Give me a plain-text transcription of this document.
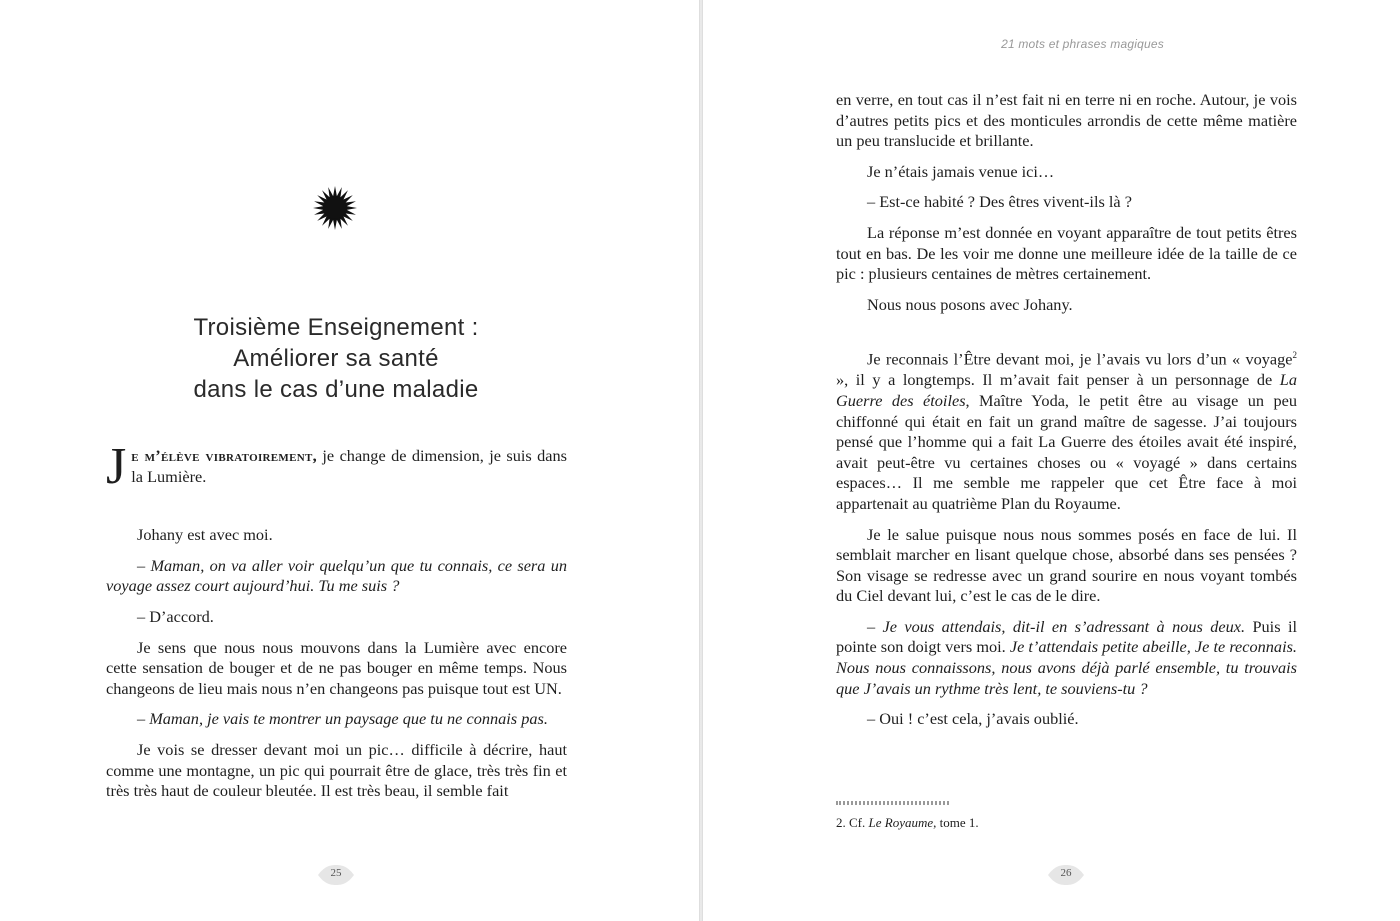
Troisième Enseignement :
Améliorer sa santé
dans le cas d’une maladie

Je m’élève vibratoirement, je change de dimension, je suis dans la Lumière.

Johany est avec moi.

– Maman, on va aller voir quelqu’un que tu connais, ce sera un voyage assez court aujourd’hui. Tu me suis ?

– D’accord.

Je sens que nous nous mouvons dans la Lumière avec encore cette sensation de bouger et de ne pas bouger en même temps. Nous changeons de lieu mais nous n’en changeons pas puisque tout est UN.

– Maman, je vais te montrer un paysage que tu ne connais pas.

Je vois se dresser devant moi un pic… difficile à décrire, haut comme une montagne, un pic qui pourrait être de glace, très très fin et très très haut de couleur bleutée. Il est très beau, il semble fait

25
21 mots et phrases magiques

en verre, en tout cas il n’est fait ni en terre ni en roche. Autour, je vois d’autres petits pics et des monticules arrondis de cette même matière un peu translucide et brillante.

Je n’étais jamais venue ici…

– Est-ce habité ? Des êtres vivent-ils là ?

La réponse m’est donnée en voyant apparaître de tout petits êtres tout en bas. De les voir me donne une meilleure idée de la taille de ce pic : plusieurs centaines de mètres certainement.

Nous nous posons avec Johany.

Je reconnais l’Être devant moi, je l’avais vu lors d’un « voyage$^2$ », il y a longtemps. Il m’avait fait penser à un personnage de La Guerre des étoiles, Maître Yoda, le petit être au visage un peu chiffonné qui était en fait un grand maître de sagesse. J’ai toujours pensé que l’homme qui a fait La Guerre des étoiles avait été inspiré, avait peut-être vu certaines choses ou « voyagé » dans certains espaces… Il me semble me rappeler que cet Être face à moi appartenait au quatrième Plan du Royaume.

Je le salue puisque nous nous sommes posés en face de lui. Il semblait marcher en lisant quelque chose, absorbé dans ses pensées ? Son visage se redresse avec un grand sourire en nous voyant tombés du Ciel devant lui, c’est le cas de le dire.

– Je vous attendais, dit-il en s’adressant à nous deux. Puis il pointe son doigt vers moi. Je t’attendais petite abeille, Je te reconnais. Nous nous connaissons, nous avons déjà parlé ensemble, tu trouvais que J’avais un rythme très lent, te souviens-tu ?

– Oui ! c’est cela, j’avais oublié.

2. Cf. Le Royaume, tome 1.
26
